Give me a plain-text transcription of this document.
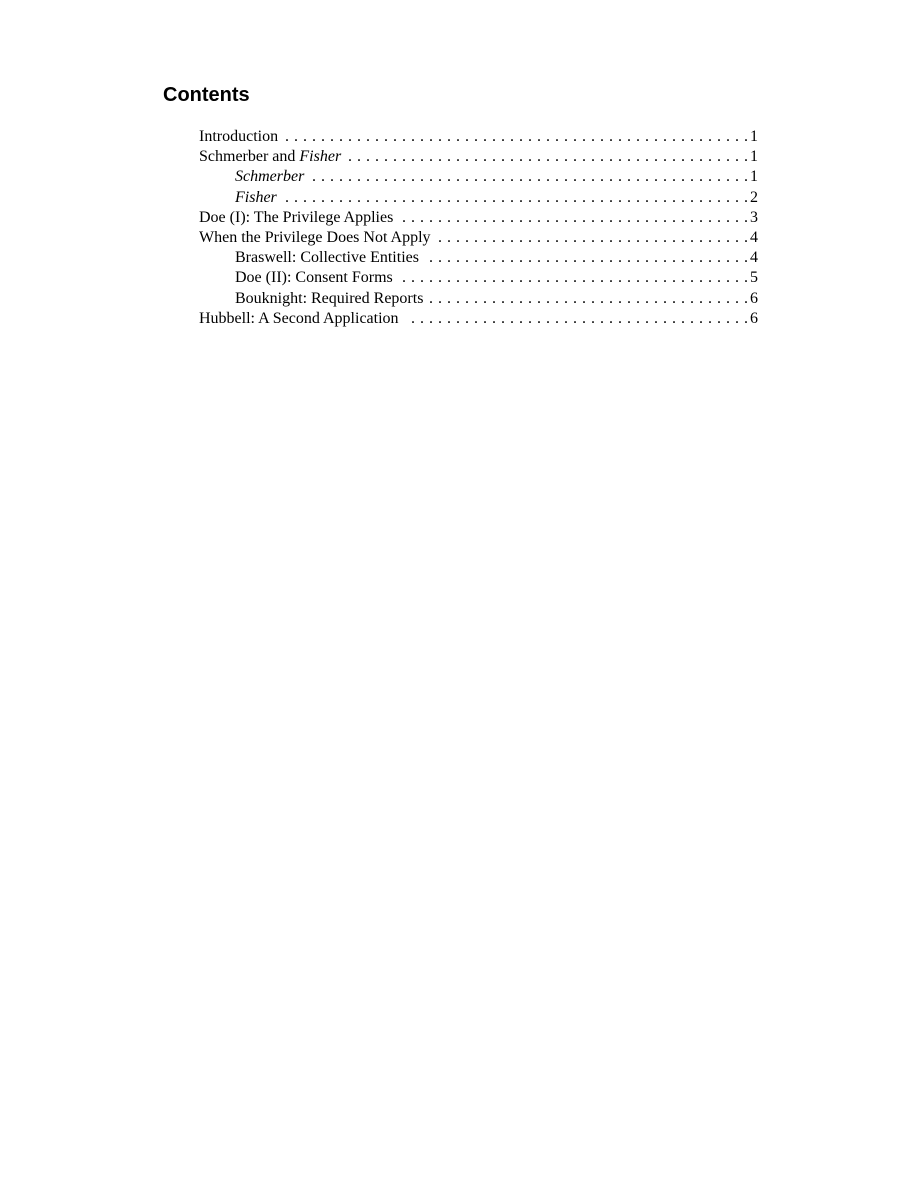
Contents
Introduction . . .	1
Schmerber and Fisher . . .	1
Schmerber . . .	1
Fisher . . .	2
Doe (I): The Privilege Applies . . .	3
When the Privilege Does Not Apply . . .	4
Braswell: Collective Entities . . .	4
Doe (II): Consent Forms . . .	5
Bouknight: Required Reports . . .	6
Hubbell: A Second Application . . .	6
